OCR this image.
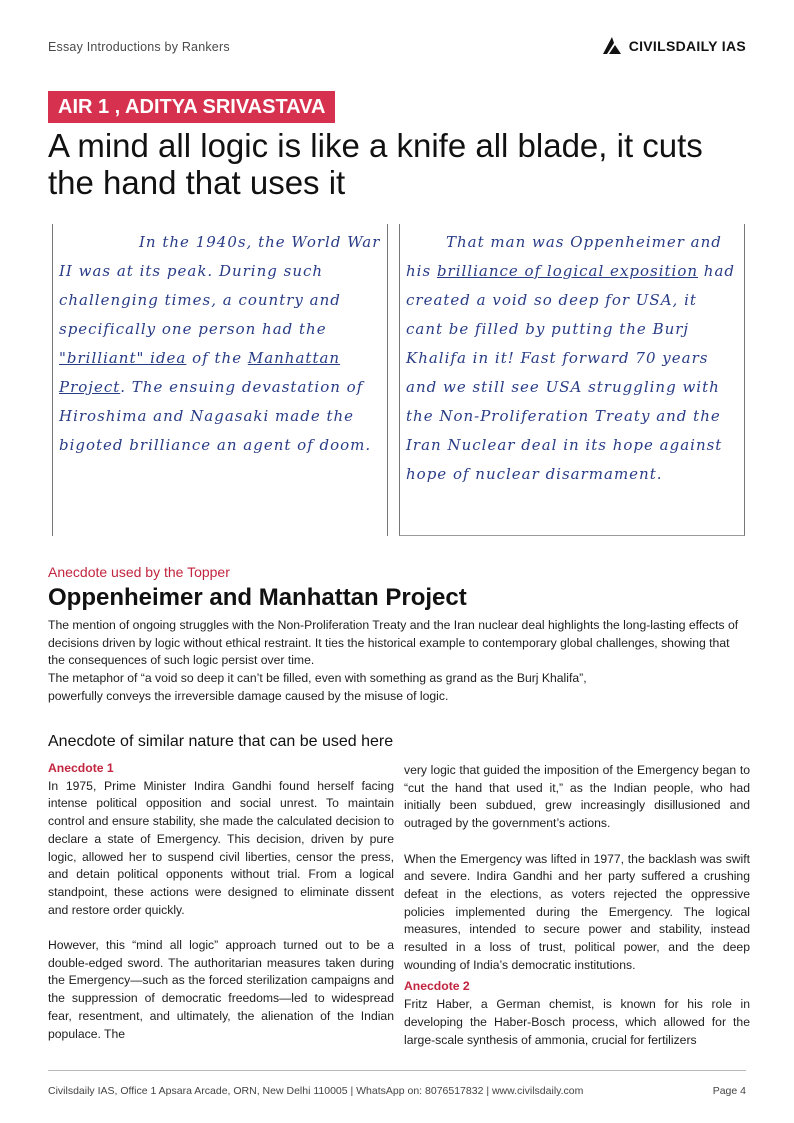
Essay Introductions by Rankers	CIVILSDAILY IAS
AIR 1 , ADITYA SRIVASTAVA
A mind all logic is like a knife all blade, it cuts the hand that uses it

In the 1940s, the World War II was at its peak. During such challenging times, a country and specifically one person had the "brilliant" idea of the Manhattan Project. The ensuing devastation of Hiroshima and Nagasaki made the bigoted brilliance an agent of doom.

That man was Oppenheimer and his brilliance of logical exposition had created a void so deep for USA, it cant be filled by putting the Burj Khalifa in it! Fast forward 70 years and we still see USA struggling with the Non-Proliferation Treaty and the Iran Nuclear deal in its hope against hope of nuclear disarmament.

Anecdote used by the Topper
Oppenheimer and Manhattan Project

The mention of ongoing struggles with the Non-Proliferation Treaty and the Iran nuclear deal highlights the long-lasting effects of decisions driven by logic without ethical restraint. It ties the historical example to contemporary global challenges, showing that the consequences of such logic persist over time.

The metaphor of “a void so deep it can’t be filled, even with something as grand as the Burj Khalifa”, powerfully conveys the irreversible damage caused by the misuse of logic.

Anecdote of similar nature that can be used here

Anecdote 1
In 1975, Prime Minister Indira Gandhi found herself facing intense political opposition and social unrest. To maintain control and ensure stability, she made the calculated decision to declare a state of Emergency. This decision, driven by pure logic, allowed her to suspend civil liberties, censor the press, and detain political opponents without trial. From a logical standpoint, these actions were designed to eliminate dissent and restore order quickly.

However, this “mind all logic” approach turned out to be a double-edged sword. The authoritarian measures taken during the Emergency—such as the forced sterilization campaigns and the suppression of democratic freedoms—led to widespread fear, resentment, and ultimately, the alienation of the Indian populace. The

very logic that guided the imposition of the Emergency began to “cut the hand that used it,” as the Indian people, who had initially been subdued, grew increasingly disillusioned and outraged by the government’s actions.

When the Emergency was lifted in 1977, the backlash was swift and severe. Indira Gandhi and her party suffered a crushing defeat in the elections, as voters rejected the oppressive policies implemented during the Emergency. The logical measures, intended to secure power and stability, instead resulted in a loss of trust, political power, and the deep wounding of India’s democratic institutions.

Anecdote 2
Fritz Haber, a German chemist, is known for his role in developing the Haber-Bosch process, which allowed for the large-scale synthesis of ammonia, crucial for fertilizers

Civilsdaily IAS, Office 1 Apsara Arcade, ORN, New Delhi 110005 | WhatsApp on: 8076517832 | www.civilsdaily.com	Page 4
